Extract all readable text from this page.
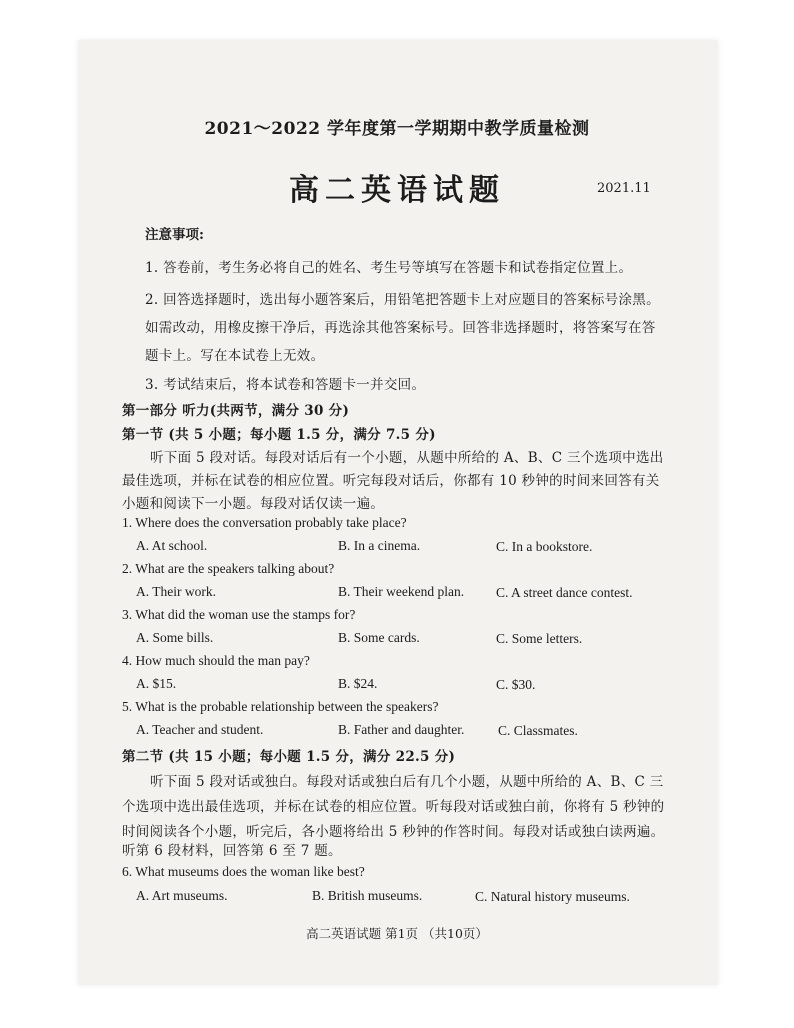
2021～2022 学年度第一学期期中教学质量检测
高二英语试题	2021.11
注意事项:
1. 答卷前，考生务必将自己的姓名、考生号等填写在答题卡和试卷指定位置上。
2. 回答选择题时，选出每小题答案后，用铅笔把答题卡上对应题目的答案标号涂黑。
如需改动，用橡皮擦干净后，再选涂其他答案标号。回答非选择题时，将答案写在答
题卡上。写在本试卷上无效。
3. 考试结束后，将本试卷和答题卡一并交回。
第一部分 听力(共两节，满分 30 分)
第一节 (共 5 小题；每小题 1.5 分，满分 7.5 分)
听下面 5 段对话。每段对话后有一个小题，从题中所给的 A、B、C 三个选项中选出
最佳选项，并标在试卷的相应位置。听完每段对话后，你都有 10 秒钟的时间来回答有关
小题和阅读下一小题。每段对话仅读一遍。
1. Where does the conversation probably take place?
A. At school.	B. In a cinema.	C. In a bookstore.
2. What are the speakers talking about?
A. Their work.	B. Their weekend plan. C. A street dance contest.
3. What did the woman use the stamps for?
A. Some bills.	B. Some cards.	C. Some letters.
4. How much should the man pay?
A. $15.	B. $24.	C. $30.
5. What is the probable relationship between the speakers?
A. Teacher and student.	B. Father and daughter. C. Classmates.
第二节 (共 15 小题；每小题 1.5 分，满分 22.5 分)
听下面 5 段对话或独白。每段对话或独白后有几个小题，从题中所给的 A、B、C 三
个选项中选出最佳选项，并标在试卷的相应位置。听每段对话或独白前，你将有 5 秒钟的
时间阅读各个小题，听完后，各小题将给出 5 秒钟的作答时间。每段对话或独白读两遍。
听第 6 段材料，回答第 6 至 7 题。
6. What museums does the woman like best?
A. Art museums.	B. British museums.	C. Natural history museums.
高二英语试题 第1页 （共10页）
